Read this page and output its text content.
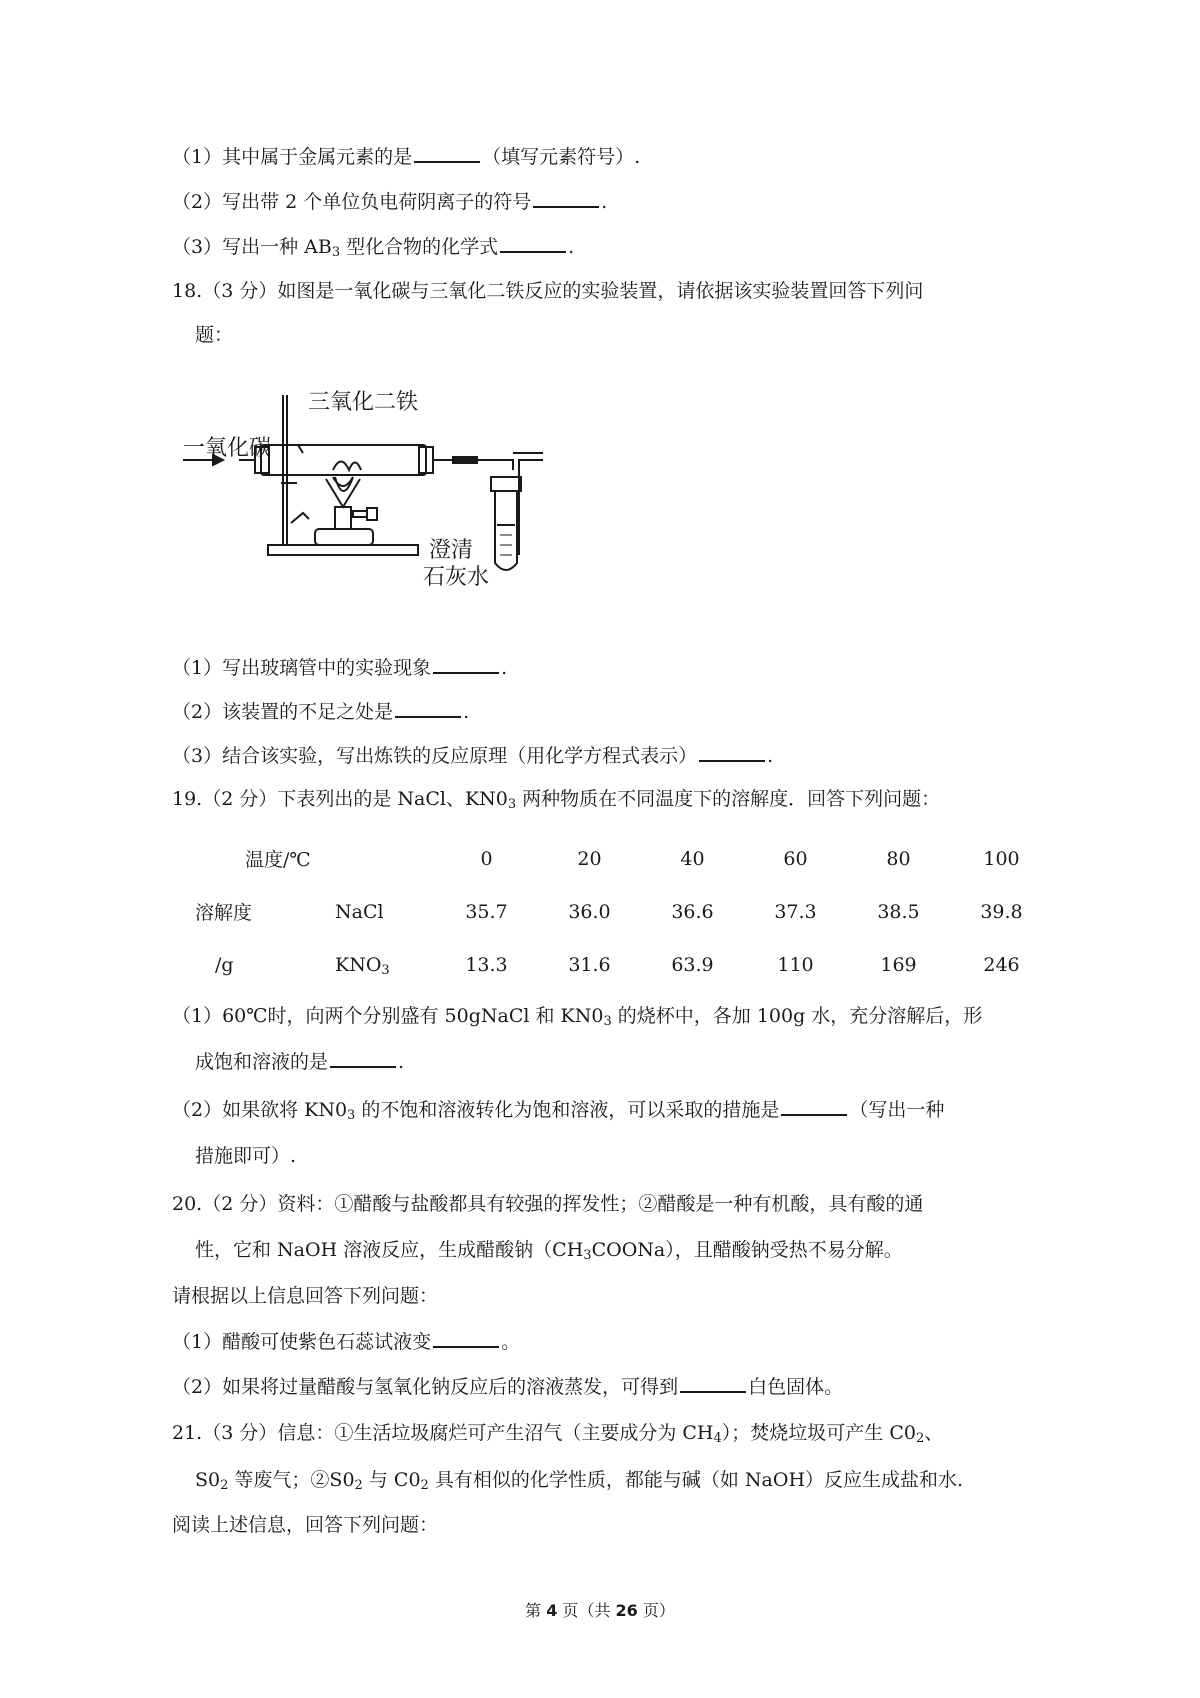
（1）其中属于金属元素的是	（填写元素符号）.
（2）写出带 2 个单位负电荷阴离子的符号	.
（3）写出一种 $AB_3$ 型化合物的化学式	.
18.（3 分）如图是一氧化碳与三氧化二铁反应的实验装置，请依据该实验装置回答下列问
题：
一氧化碳
三氧化二铁
澄清
石灰水
（1）写出玻璃管中的实验现象	.
（2）该装置的不足之处是	.
（3）结合该实验，写出炼铁的反应原理（用化学方程式表示）	.
19.（2 分）下表列出的是 NaCl、$KN0_3$ 两种物质在不同温度下的溶解度．回答下列问题：
温度/℃		0	20	40	60	80	100
溶解度	NaCl	35.7	36.0	36.6	37.3	38.5	39.8
/g	$KNO_3$	13.3	31.6	63.9	110	169	246
（1）60℃时，向两个分别盛有 50gNaCl 和 $KN0_3$ 的烧杯中，各加 100g 水，充分溶解后，形
成饱和溶液的是	.
（2）如果欲将 $KN0_3$ 的不饱和溶液转化为饱和溶液，可以采取的措施是	（写出一种
措施即可）.
20.（2 分）资料：①醋酸与盐酸都具有较强的挥发性；②醋酸是一种有机酸，具有酸的通
性，它和 NaOH 溶液反应，生成醋酸钠$(CH_3COONa)$，且醋酸钠受热不易分解。
请根据以上信息回答下列问题：
（1）醋酸可使紫色石蕊试液变	。
（2）如果将过量醋酸与氢氧化钠反应后的溶液蒸发，可得到	白色固体。
21.（3 分）信息：①生活垃圾腐烂可产生沼气（主要成分为 $CH_4$）；焚烧垃圾可产生 $C0_2$、
$S0_2$ 等废气；$②S0_2$ 与 $C0_2$ 具有相似的化学性质，都能与碱（如 NaOH）反应生成盐和水.
阅读上述信息，回答下列问题：
第 4 页（共 26 页）
